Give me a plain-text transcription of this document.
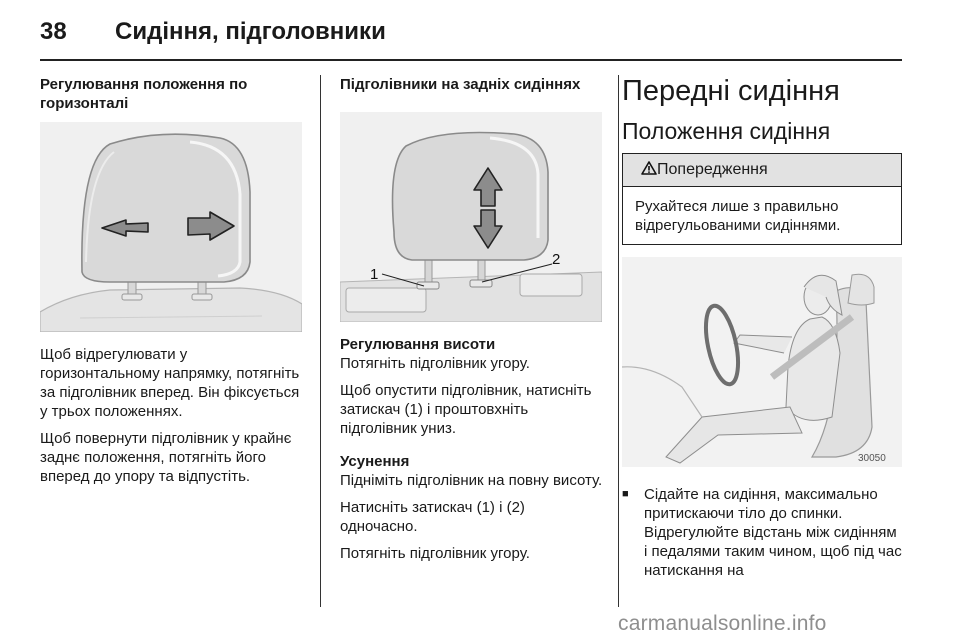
38 Сидіння, підголовники

Регулювання положення по горизонталі

Щоб відрегулювати у горизонтальному напрямку, потягніть за підголівник вперед. Він фіксується у трьох положеннях.

Щоб повернути підголівник у крайнє заднє положення, потягніть його вперед до упору та відпустіть.

Підголівники на задніх сидіннях

1
2

Регулювання висоти

Потягніть підголівник угору.

Щоб опустити підголівник, натисніть затискач (1) і проштовхніть підголівник униз.

Усунення

Підніміть підголівник на повну висоту.

Натисніть затискач (1) і (2) одночасно.

Потягніть підголівник угору.

Передні сидіння
Положення сидіння
Попередження
Рухайтеся лише з правильно відрегульованими сидіннями.
30050
■	Сідайте на сидіння, максимально притискаючи тіло до спинки. Відрегулюйте відстань між сидінням і педалями таким чином, щоб під час натискання на
carmanualsonline.info
